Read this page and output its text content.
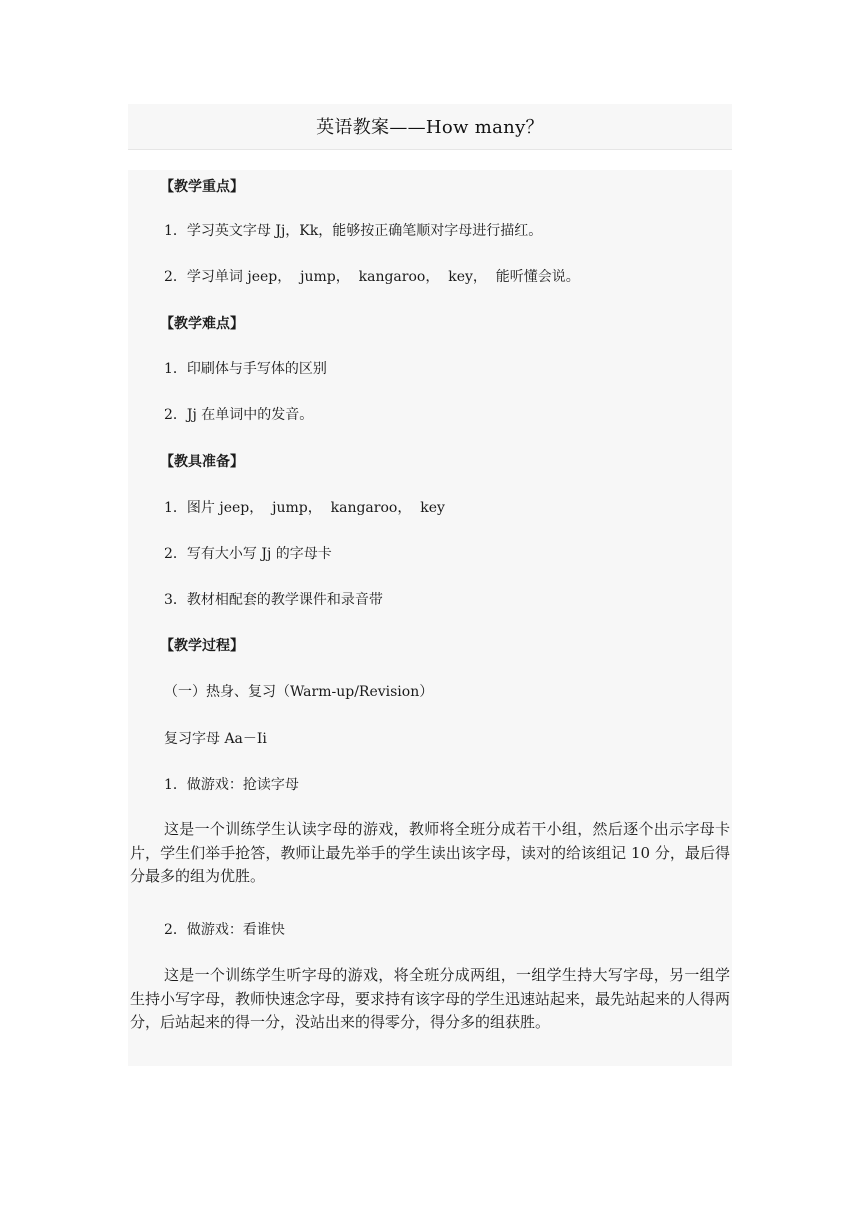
英语教案——How many？
【教学重点】
1．学习英文字母 Jj，Kk，能够按正确笔顺对字母进行描红。
2．学习单词 jeep，  jump，  kangaroo，  key，  能听懂会说。
【教学难点】
1．印刷体与手写体的区别
2．Jj 在单词中的发音。
【教具准备】
1．图片 jeep，  jump，  kangaroo，  key
2．写有大小写 Jj 的字母卡
3．教材相配套的教学课件和录音带
【教学过程】
（一）热身、复习（Warm-up/Revision）
复习字母 Aa－Ii
1．做游戏：抢读字母

这是一个训练学生认读字母的游戏，教师将全班分成若干小组，然后逐个出示字母卡片，学生们举手抢答，教师让最先举手的学生读出该字母，读对的给该组记 10 分，最后得分最多的组为优胜。

2．做游戏：看谁快

这是一个训练学生听字母的游戏，将全班分成两组，一组学生持大写字母，另一组学生持小写字母，教师快速念字母，要求持有该字母的学生迅速站起来，最先站起来的人得两分，后站起来的得一分，没站出来的得零分，得分多的组获胜。
